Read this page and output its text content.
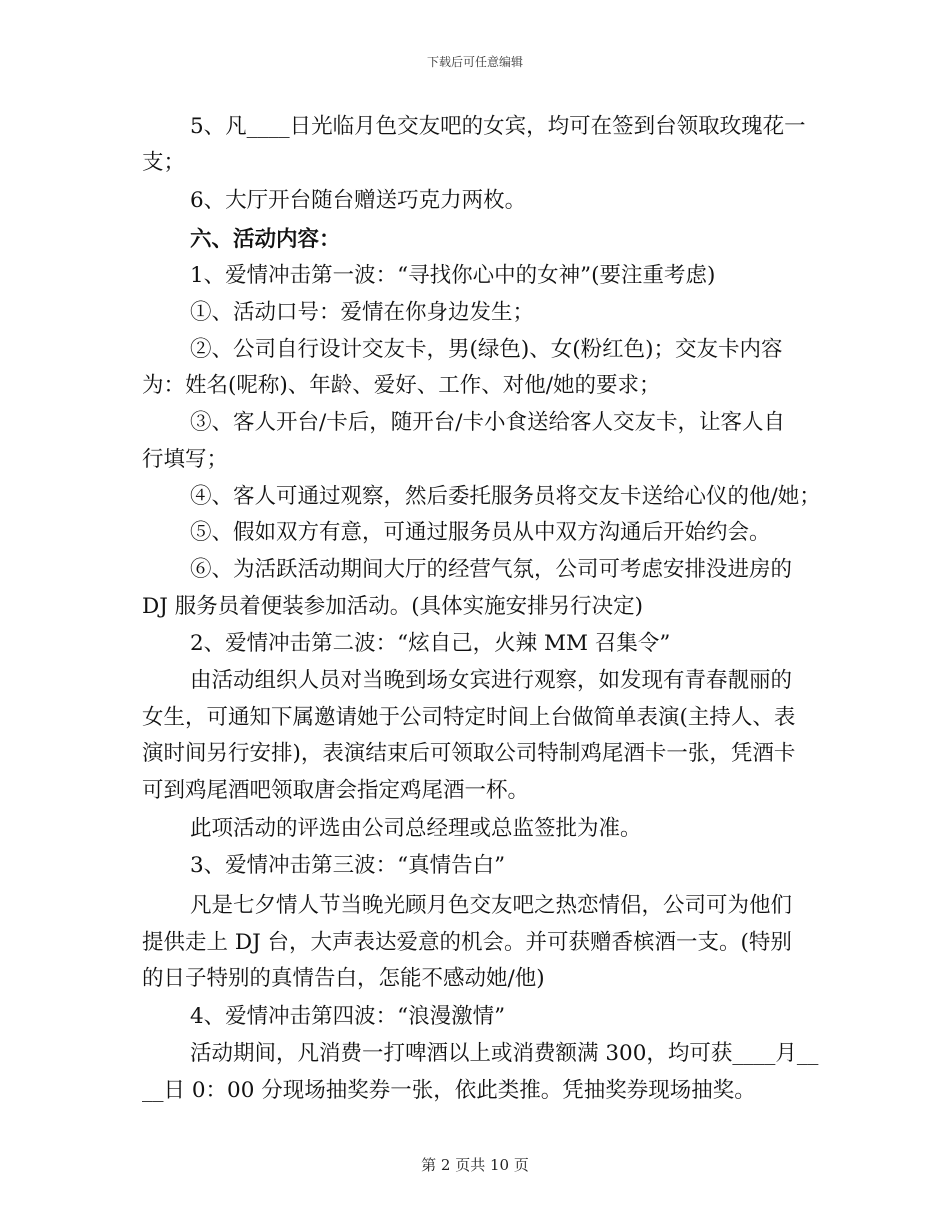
下载后可任意编辑
5、凡____日光临月色交友吧的女宾，均可在签到台领取玫瑰花一
支；
6、大厅开台随台赠送巧克力两枚。
六、活动内容：
1、爱情冲击第一波：“寻找你心中的女神”(要注重考虑)
①、活动口号：爱情在你身边发生；
②、公司自行设计交友卡，男(绿色)、女(粉红色)；交友卡内容
为：姓名(呢称)、年龄、爱好、工作、对他/她的要求；
③、客人开台/卡后，随开台/卡小食送给客人交友卡，让客人自
行填写；
④、客人可通过观察，然后委托服务员将交友卡送给心仪的他/她；
⑤、假如双方有意，可通过服务员从中双方沟通后开始约会。
⑥、为活跃活动期间大厅的经营气氛，公司可考虑安排没进房的
DJ 服务员着便装参加活动。(具体实施安排另行决定)
2、爱情冲击第二波：“炫自己，火辣 MM 召集令”
由活动组织人员对当晚到场女宾进行观察，如发现有青春靓丽的
女生，可通知下属邀请她于公司特定时间上台做简单表演(主持人、表
演时间另行安排)，表演结束后可领取公司特制鸡尾酒卡一张，凭酒卡
可到鸡尾酒吧领取唐会指定鸡尾酒一杯。
此项活动的评选由公司总经理或总监签批为准。
3、爱情冲击第三波：“真情告白”
凡是七夕情人节当晚光顾月色交友吧之热恋情侣，公司可为他们
提供走上 DJ 台，大声表达爱意的机会。并可获赠香槟酒一支。(特别
的日子特别的真情告白，怎能不感动她/他)
4、爱情冲击第四波：“浪漫激情”
活动期间，凡消费一打啤酒以上或消费额满 300，均可获____月__
__日 0：00 分现场抽奖券一张，依此类推。凭抽奖券现场抽奖。
第 2 页共 10 页
